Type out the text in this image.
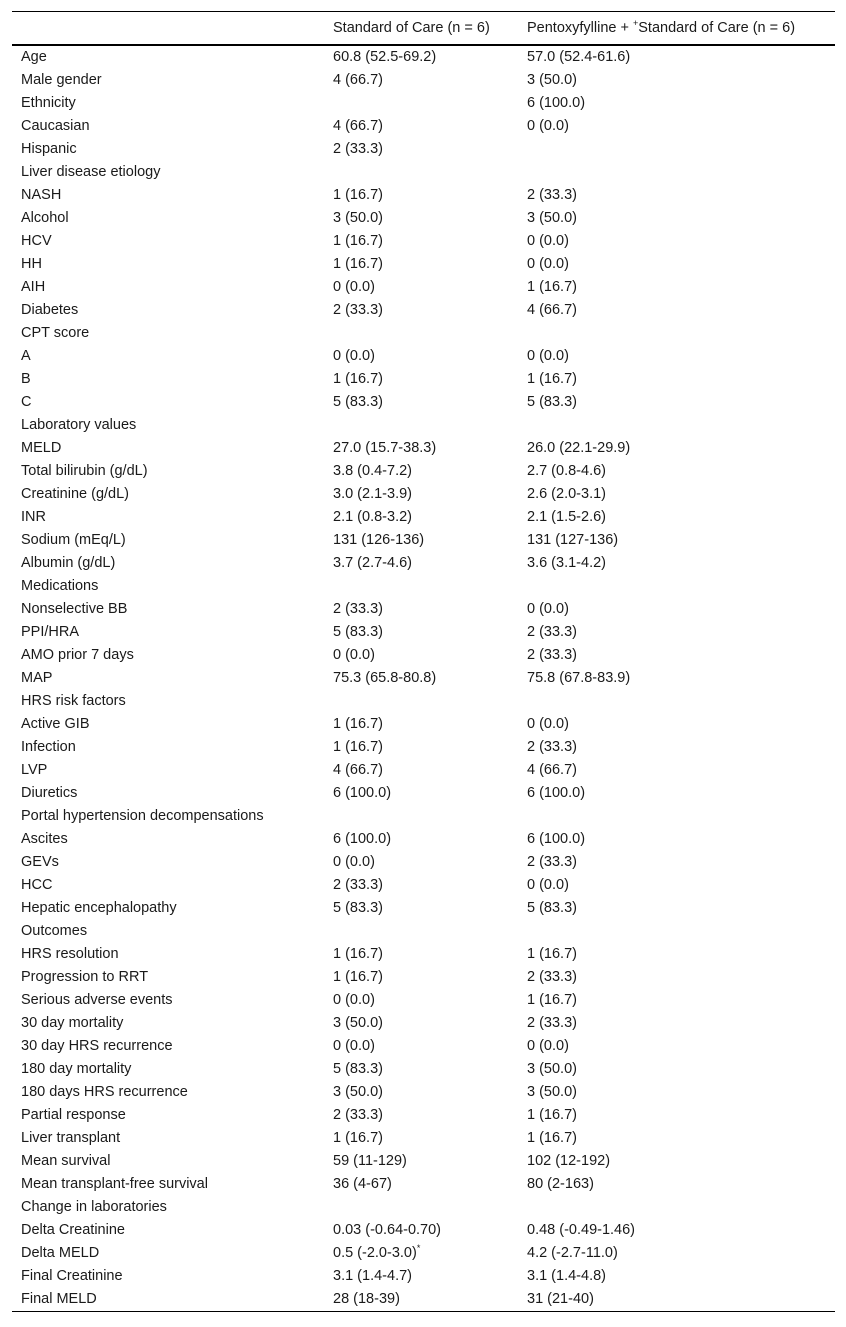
	Standard of Care (n = 6)	Pentoxyfylline + +Standard of Care (n = 6)
Age	60.8 (52.5-69.2)	57.0 (52.4-61.6)
Male gender	4 (66.7)	3 (50.0)
Ethnicity		6 (100.0)
Caucasian	4 (66.7)	0 (0.0)
Hispanic	2 (33.3)	
Liver disease etiology		
NASH	1 (16.7)	2 (33.3)
Alcohol	3 (50.0)	3 (50.0)
HCV	1 (16.7)	0 (0.0)
HH	1 (16.7)	0 (0.0)
AIH	0 (0.0)	1 (16.7)
Diabetes	2 (33.3)	4 (66.7)
CPT score		
A	0 (0.0)	0 (0.0)
B	1 (16.7)	1 (16.7)
C	5 (83.3)	5 (83.3)
Laboratory values		
MELD	27.0 (15.7-38.3)	26.0 (22.1-29.9)
Total bilirubin (g/dL)	3.8 (0.4-7.2)	2.7 (0.8-4.6)
Creatinine (g/dL)	3.0 (2.1-3.9)	2.6 (2.0-3.1)
INR	2.1 (0.8-3.2)	2.1 (1.5-2.6)
Sodium (mEq/L)	131 (126-136)	131 (127-136)
Albumin (g/dL)	3.7 (2.7-4.6)	3.6 (3.1-4.2)
Medications		
Nonselective BB	2 (33.3)	0 (0.0)
PPI/HRA	5 (83.3)	2 (33.3)
AMO prior 7 days	0 (0.0)	2 (33.3)
MAP	75.3 (65.8-80.8)	75.8 (67.8-83.9)
HRS risk factors		
Active GIB	1 (16.7)	0 (0.0)
Infection	1 (16.7)	2 (33.3)
LVP	4 (66.7)	4 (66.7)
Diuretics	6 (100.0)	6 (100.0)
Portal hypertension decompensations		
Ascites	6 (100.0)	6 (100.0)
GEVs	0 (0.0)	2 (33.3)
HCC	2 (33.3)	0 (0.0)
Hepatic encephalopathy	5 (83.3)	5 (83.3)
Outcomes		
HRS resolution	1 (16.7)	1 (16.7)
Progression to RRT	1 (16.7)	2 (33.3)
Serious adverse events	0 (0.0)	1 (16.7)
30 day mortality	3 (50.0)	2 (33.3)
30 day HRS recurrence	0 (0.0)	0 (0.0)
180 day mortality	5 (83.3)	3 (50.0)
180 days HRS recurrence	3 (50.0)	3 (50.0)
Partial response	2 (33.3)	1 (16.7)
Liver transplant	1 (16.7)	1 (16.7)
Mean survival	59 (11-129)	102 (12-192)
Mean transplant-free survival	36 (4-67)	80 (2-163)
Change in laboratories		
Delta Creatinine	0.03 (-0.64-0.70)	0.48 (-0.49-1.46)
Delta MELD	0.5 (-2.0-3.0)*	4.2 (-2.7-11.0)
Final Creatinine	3.1 (1.4-4.7)	3.1 (1.4-4.8)
Final MELD	28 (18-39)	31 (21-40)
